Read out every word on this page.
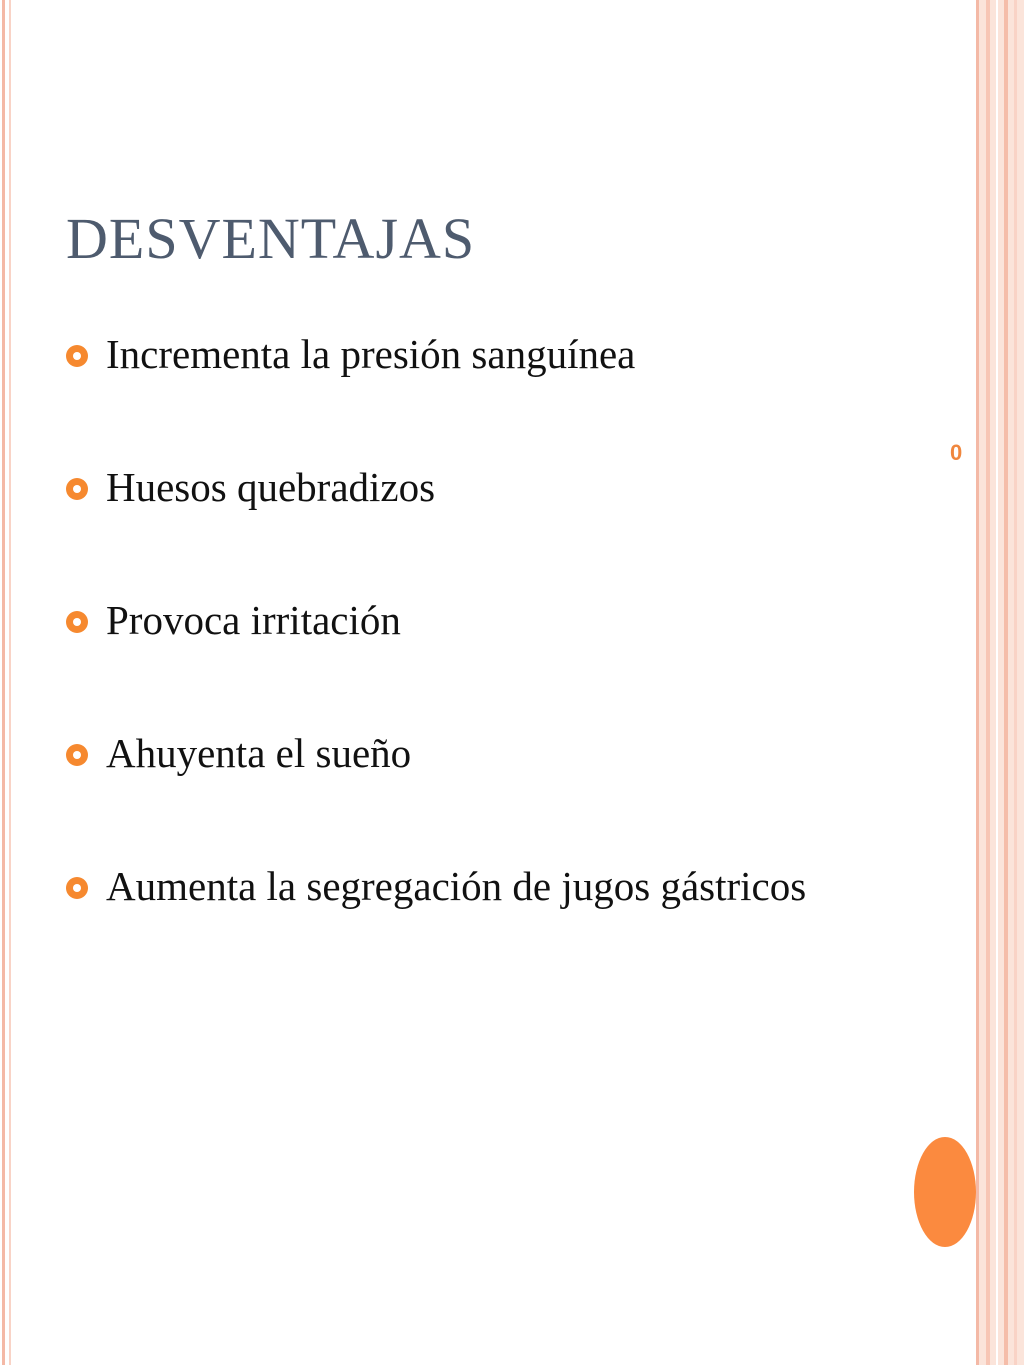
0
DESVENTAJAS
Incrementa la presión sanguínea
Huesos quebradizos
Provoca irritación
Ahuyenta el sueño
Aumenta la segregación de jugos gástricos
